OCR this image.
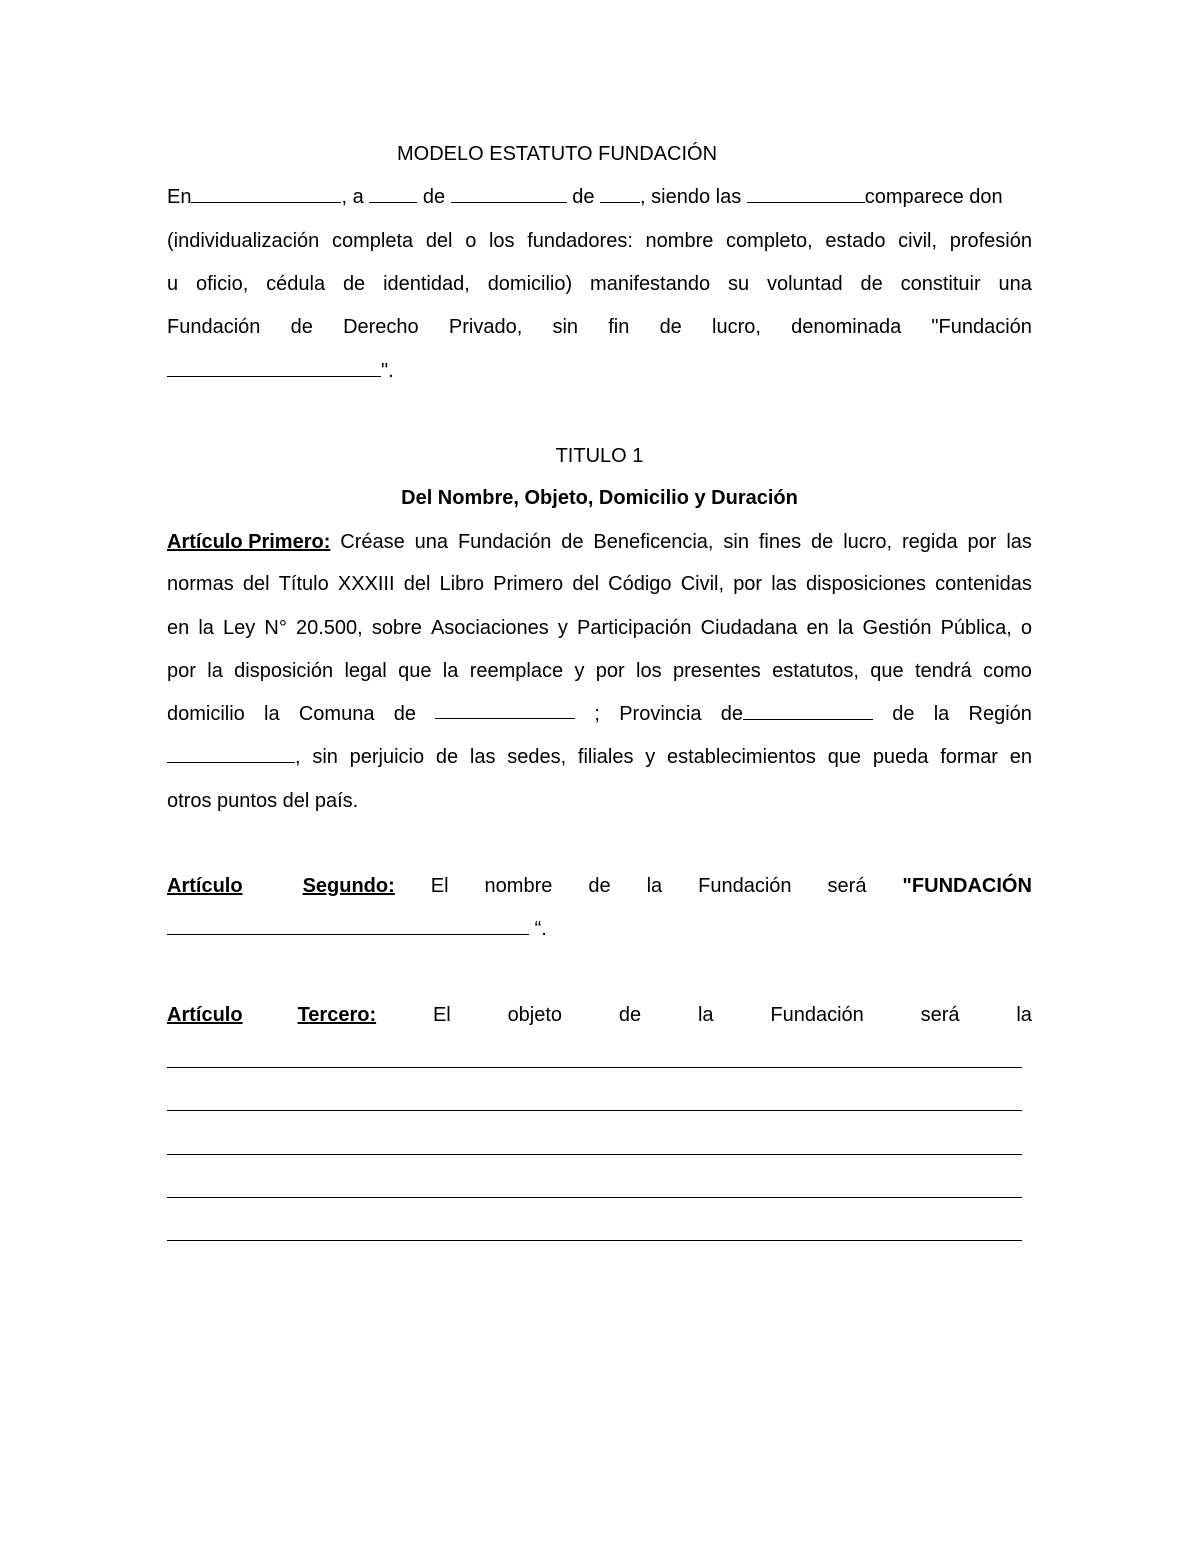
MODELO ESTATUTO FUNDACIÓN
En	, a	de	de , siendo las	comparece don
(individualización completa del o los fundadores: nombre completo, estado civil, profesión
u oficio, cédula de identidad, domicilio) manifestando su voluntad de constituir una
Fundación de Derecho Privado, sin fin de lucro, denominada "Fundación
".
TITULO 1
Del Nombre, Objeto, Domicilio y Duración
Artículo Primero: Créase una Fundación de Beneficencia, sin fines de lucro, regida por las
normas del Título XXXIII del Libro Primero del Código Civil, por las disposiciones contenidas
en la Ley N° 20.500, sobre Asociaciones y Participación Ciudadana en la Gestión Pública, o
por la disposición legal que la reemplace y por los presentes estatutos, que tendrá como
domicilio la Comuna de	; Provincia de	de la Región
, sin perjuicio de las sedes, filiales y establecimientos que pueda formar en
otros puntos del país.
Artículo	Segundo: El nombre de la Fundación será "FUNDACIÓN
“.
Artículo	Tercero:	El	objeto	de	la	Fundación	será	la
